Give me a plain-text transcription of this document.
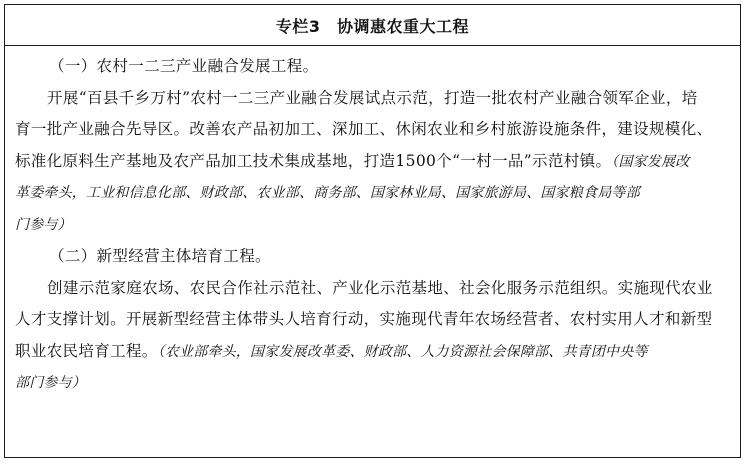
专栏3　协调惠农重大工程
（一）农村一二三产业融合发展工程。
开展“百县千乡万村”农村一二三产业融合发展试点示范，打造一批农村产业融合领军企业，培
育一批产业融合先导区。改善农产品初加工、深加工、休闲农业和乡村旅游设施条件，建设规模化、
标准化原料生产基地及农产品加工技术集成基地，打造1500个“一村一品”示范村镇。（国家发展改
革委牵头，工业和信息化部、财政部、农业部、商务部、国家林业局、国家旅游局、国家粮食局等部
门参与）
（二）新型经营主体培育工程。
创建示范家庭农场、农民合作社示范社、产业化示范基地、社会化服务示范组织。实施现代农业
人才支撑计划。开展新型经营主体带头人培育行动，实施现代青年农场经营者、农村实用人才和新型
职业农民培育工程。（农业部牵头，国家发展改革委、财政部、人力资源社会保障部、共青团中央等
部门参与）
